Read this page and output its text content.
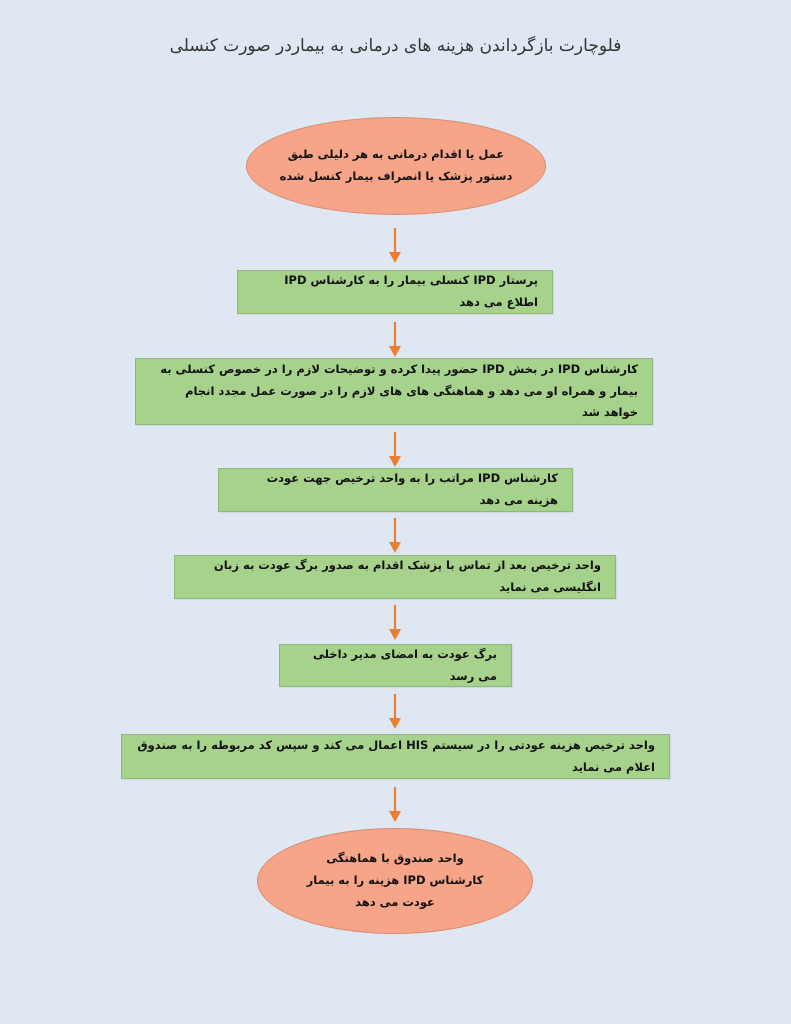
فلوچارت بازگرداندن هزینه های درمانی به بیماردر صورت کنسلی
عمل یا اقدام درمانی به هر دلیلی طبق دستور پزشک یا انصراف بیمار کنسل شده
پرستار IPD کنسلی بیمار را به کارشناس IPD اطلاع می دهد
کارشناس IPD در بخش IPD حضور پیدا کرده و توضیحات لازم را در خصوص کنسلی به بیمار و همراه او می دهد و هماهنگی های های لازم را در صورت عمل مجدد انجام خواهد شد
کارشناس IPD مراتب را به واحد ترخیص جهت عودت هزینه می دهد
واحد ترخیص بعد از تماس با پزشک اقدام به صدور برگ عودت به زبان انگلیسی می نماید
برگ عودت به امضای مدیر داخلی می رسد
واحد ترخیص هزینه عودتی را در سیستم HIS اعمال می کند و سپس کد مربوطه را به صندوق اعلام می نماید
واحد صندوق با هماهنگی کارشناس IPD هزینه را به بیمار عودت می دهد
